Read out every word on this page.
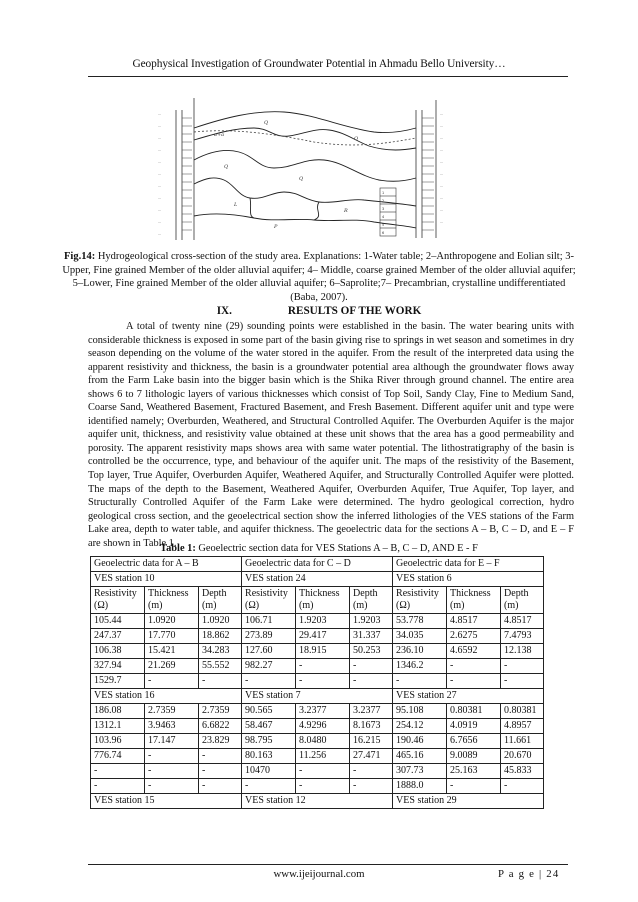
Geophysical Investigation of Groundwater Potential in Ahmadu Bello University…
···
···
···
···
···
···
···
···
···
···
···
···
···
···
···
···
···
···
···
···
···
a+a
Q
Q
Q
Q
L
R
P
1
2
3
4
5
6
Fig.14: Hydrogeological cross-section of the study area. Explanations: 1-Water table; 2–Anthropogene and Eolian silt; 3- Upper, Fine grained Member of the older alluvial aquifer; 4– Middle, coarse grained Member of the older alluvial aquifer; 5–Lower, Fine grained Member of the older alluvial aquifer; 6–Saprolite;7– Precambrian, crystalline undifferentiated (Baba, 2007).
IX.	RESULTS OF THE WORK

A total of twenty nine (29) sounding points were established in the basin. The water bearing units with considerable thickness is exposed in some part of the basin giving rise to springs in wet season and sometimes in dry season depending on the volume of the water stored in the aquifer. From the result of the interpreted data using the apparent resistivity and thickness, the basin is a groundwater potential area although the groundwater flows away from the Farm Lake basin into the bigger basin which is the Shika River through ground channel. The entire area shows 6 to 7 lithologic layers of various thicknesses which consist of Top Soil, Sandy Clay, Fine to Medium Sand, Coarse Sand, Weathered Basement, Fractured Basement, and Fresh Basement. Different aquifer unit and type were identified namely; Overburden, Weathered, and Structural Controlled Aquifer. The Overburden Aquifer is the major aquifer unit, thickness, and resistivity value obtained at these unit shows that the area has a good permeability and porosity. The apparent resistivity maps shows area with same water potential. The lithostratigraphy of the basin is controlled be the occurrence, type, and behaviour of the aquifer unit. The maps of the resistivity of the Basement, Top layer, True Aquifer, Overburden Aquifer, Weathered Aquifer, and Structurally Controlled Aquifer were plotted. The maps of the depth to the Basement, Weathered Aquifer, Overburden Aquifer, True Aquifer, Top layer, and Structurally Controlled Aquifer of the Farm Lake were determined. The hydro geological correction, hydro geological cross section, and the geoelectrical section show the inferred lithologies of the VES stations of the Farm Lake area, depth to water table, and aquifer thickness. The geoelectric data for the sections A – B, C – D, and E – F are shown in Table 1.

Table 1: Geoelectric section data for VES Stations A – B, C – D, AND E - F
Geoelectric data for A – B			Geoelectric data for C – D			Geoelectric data for E – F		
VES station 10			VES station 24			VES station 6		
Resistivity (Ω)	Thickness (m)	Depth (m)	Resistivity (Ω)	Thickness (m)	Depth (m)	Resistivity (Ω)	Thickness (m)	Depth (m)
105.44	1.0920	1.0920	106.71	1.9203	1.9203	53.778	4.8517	4.8517
247.37	17.770	18.862	273.89	29.417	31.337	34.035	2.6275	7.4793
106.38	15.421	34.283	127.60	18.915	50.253	236.10	4.6592	12.138
327.94	21.269	55.552	982.27	-	-	1346.2	-	-
1529.7	-	-	-	-	-	-	-	-
VES station 16			VES station 7			VES station 27		
186.08	2.7359	2.7359	90.565	3.2377	3.2377	95.108	0.80381	0.80381
1312.1	3.9463	6.6822	58.467	4.9296	8.1673	254.12	4.0919	4.8957
103.96	17.147	23.829	98.795	8.0480	16.215	190.46	6.7656	11.661
776.74	-	-	80.163	11.256	27.471	465.16	9.0089	20.670
-	-	-	10470	-	-	307.73	25.163	45.833
-	-	-	-	-	-	1888.0	-	-
VES station 15			VES station 12			VES station 29		
www.ijeijournal.com	P a g e | 24
